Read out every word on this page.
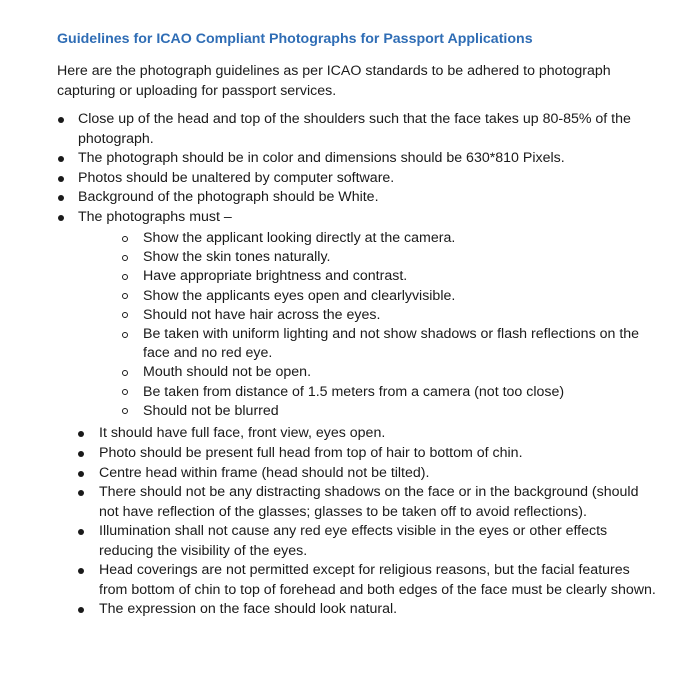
Guidelines for ICAO Compliant Photographs for Passport Applications
Here are the photograph guidelines as per ICAO standards to be adhered to photograph capturing or uploading for passport services.
Close up of the head and top of the shoulders such that the face takes up 80-85% of the photograph.
The photograph should be in color and dimensions should be 630*810 Pixels.
Photos should be unaltered by computer software.
Background of the photograph should be White.
The photographs must –
Show the applicant looking directly at the camera.
Show the skin tones naturally.
Have appropriate brightness and contrast.
Show the applicants eyes open and clearlyvisible.
Should not have hair across the eyes.
Be taken with uniform lighting and not show shadows or flash reflections on the face and no red eye.
Mouth should not be open.
Be taken from distance of 1.5 meters from a camera (not too close)
Should not be blurred
It should have full face, front view, eyes open.
Photo should be present full head from top of hair to bottom of chin.
Centre head within frame (head should not be tilted).
There should not be any distracting shadows on the face or in the background (should not have reflection of the glasses; glasses to be taken off to avoid reflections).
Illumination shall not cause any red eye effects visible in the eyes or other effects reducing the visibility of the eyes.
Head coverings are not permitted except for religious reasons, but the facial features from bottom of chin to top of forehead and both edges of the face must be clearly shown.
The expression on the face should look natural.
